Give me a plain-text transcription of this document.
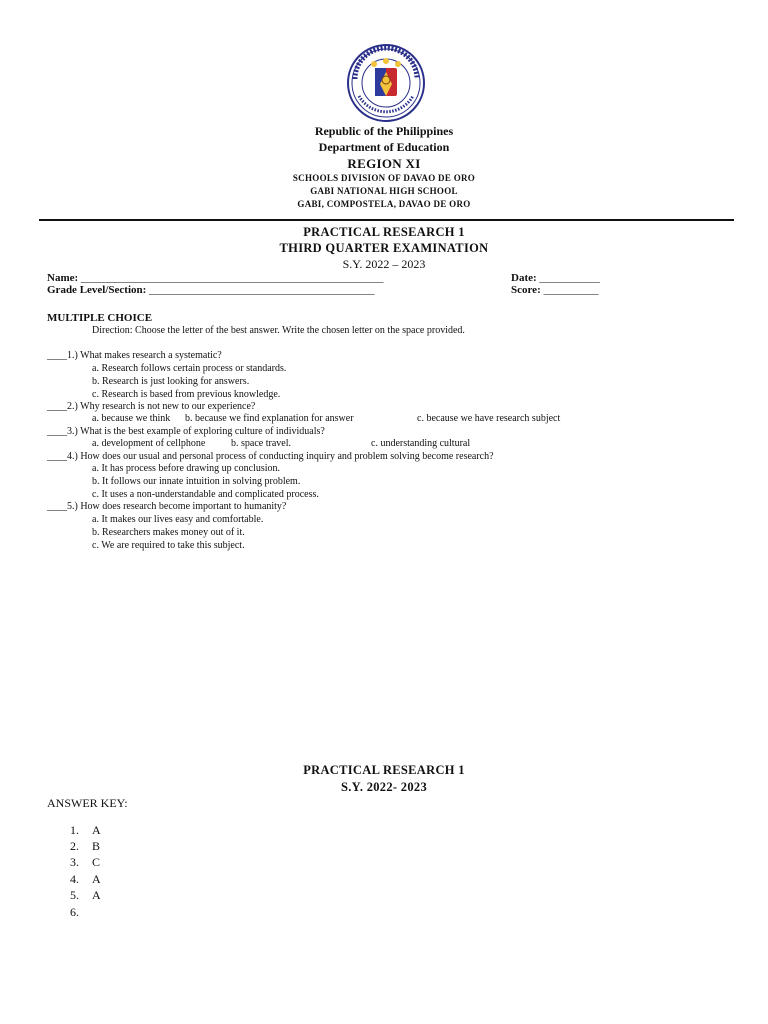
Republic of the Philippines
Department of Education
REGION XI
SCHOOLS DIVISION OF DAVAO DE ORO
GABI NATIONAL HIGH SCHOOL
GABI, COMPOSTELA, DAVAO DE ORO
PRACTICAL RESEARCH 1
THIRD QUARTER EXAMINATION
S.Y. 2022 – 2023
Name: _______________________________________________________	Date: ___________
Grade Level/Section: _________________________________________	Score: __________
MULTIPLE CHOICE
Direction: Choose the letter of the best answer. Write the chosen letter on the space provided.
____1.) What makes research a systematic?
a. Research follows certain process or standards.
b. Research is just looking for answers.
c. Research is based from previous knowledge.
____2.) Why research is not new to our experience?
a. because we think b. because we find explanation for answer	c. because we have research subject
____3.) What is the best example of exploring culture of individuals?
a. development of cellphone	b. space travel.	c. understanding cultural
____4.) How does our usual and personal process of conducting inquiry and problem solving become research?
a. It has process before drawing up conclusion.
b. It follows our innate intuition in solving problem.
c. It uses a non-understandable and complicated process.
____5.) How does research become important to humanity?
a. It makes our lives easy and comfortable.
b. Researchers makes money out of it.
c. We are required to take this subject.
PRACTICAL RESEARCH 1
S.Y. 2022- 2023
ANSWER KEY:
1. A
2. B
3. C
4. A
5. A
6.
